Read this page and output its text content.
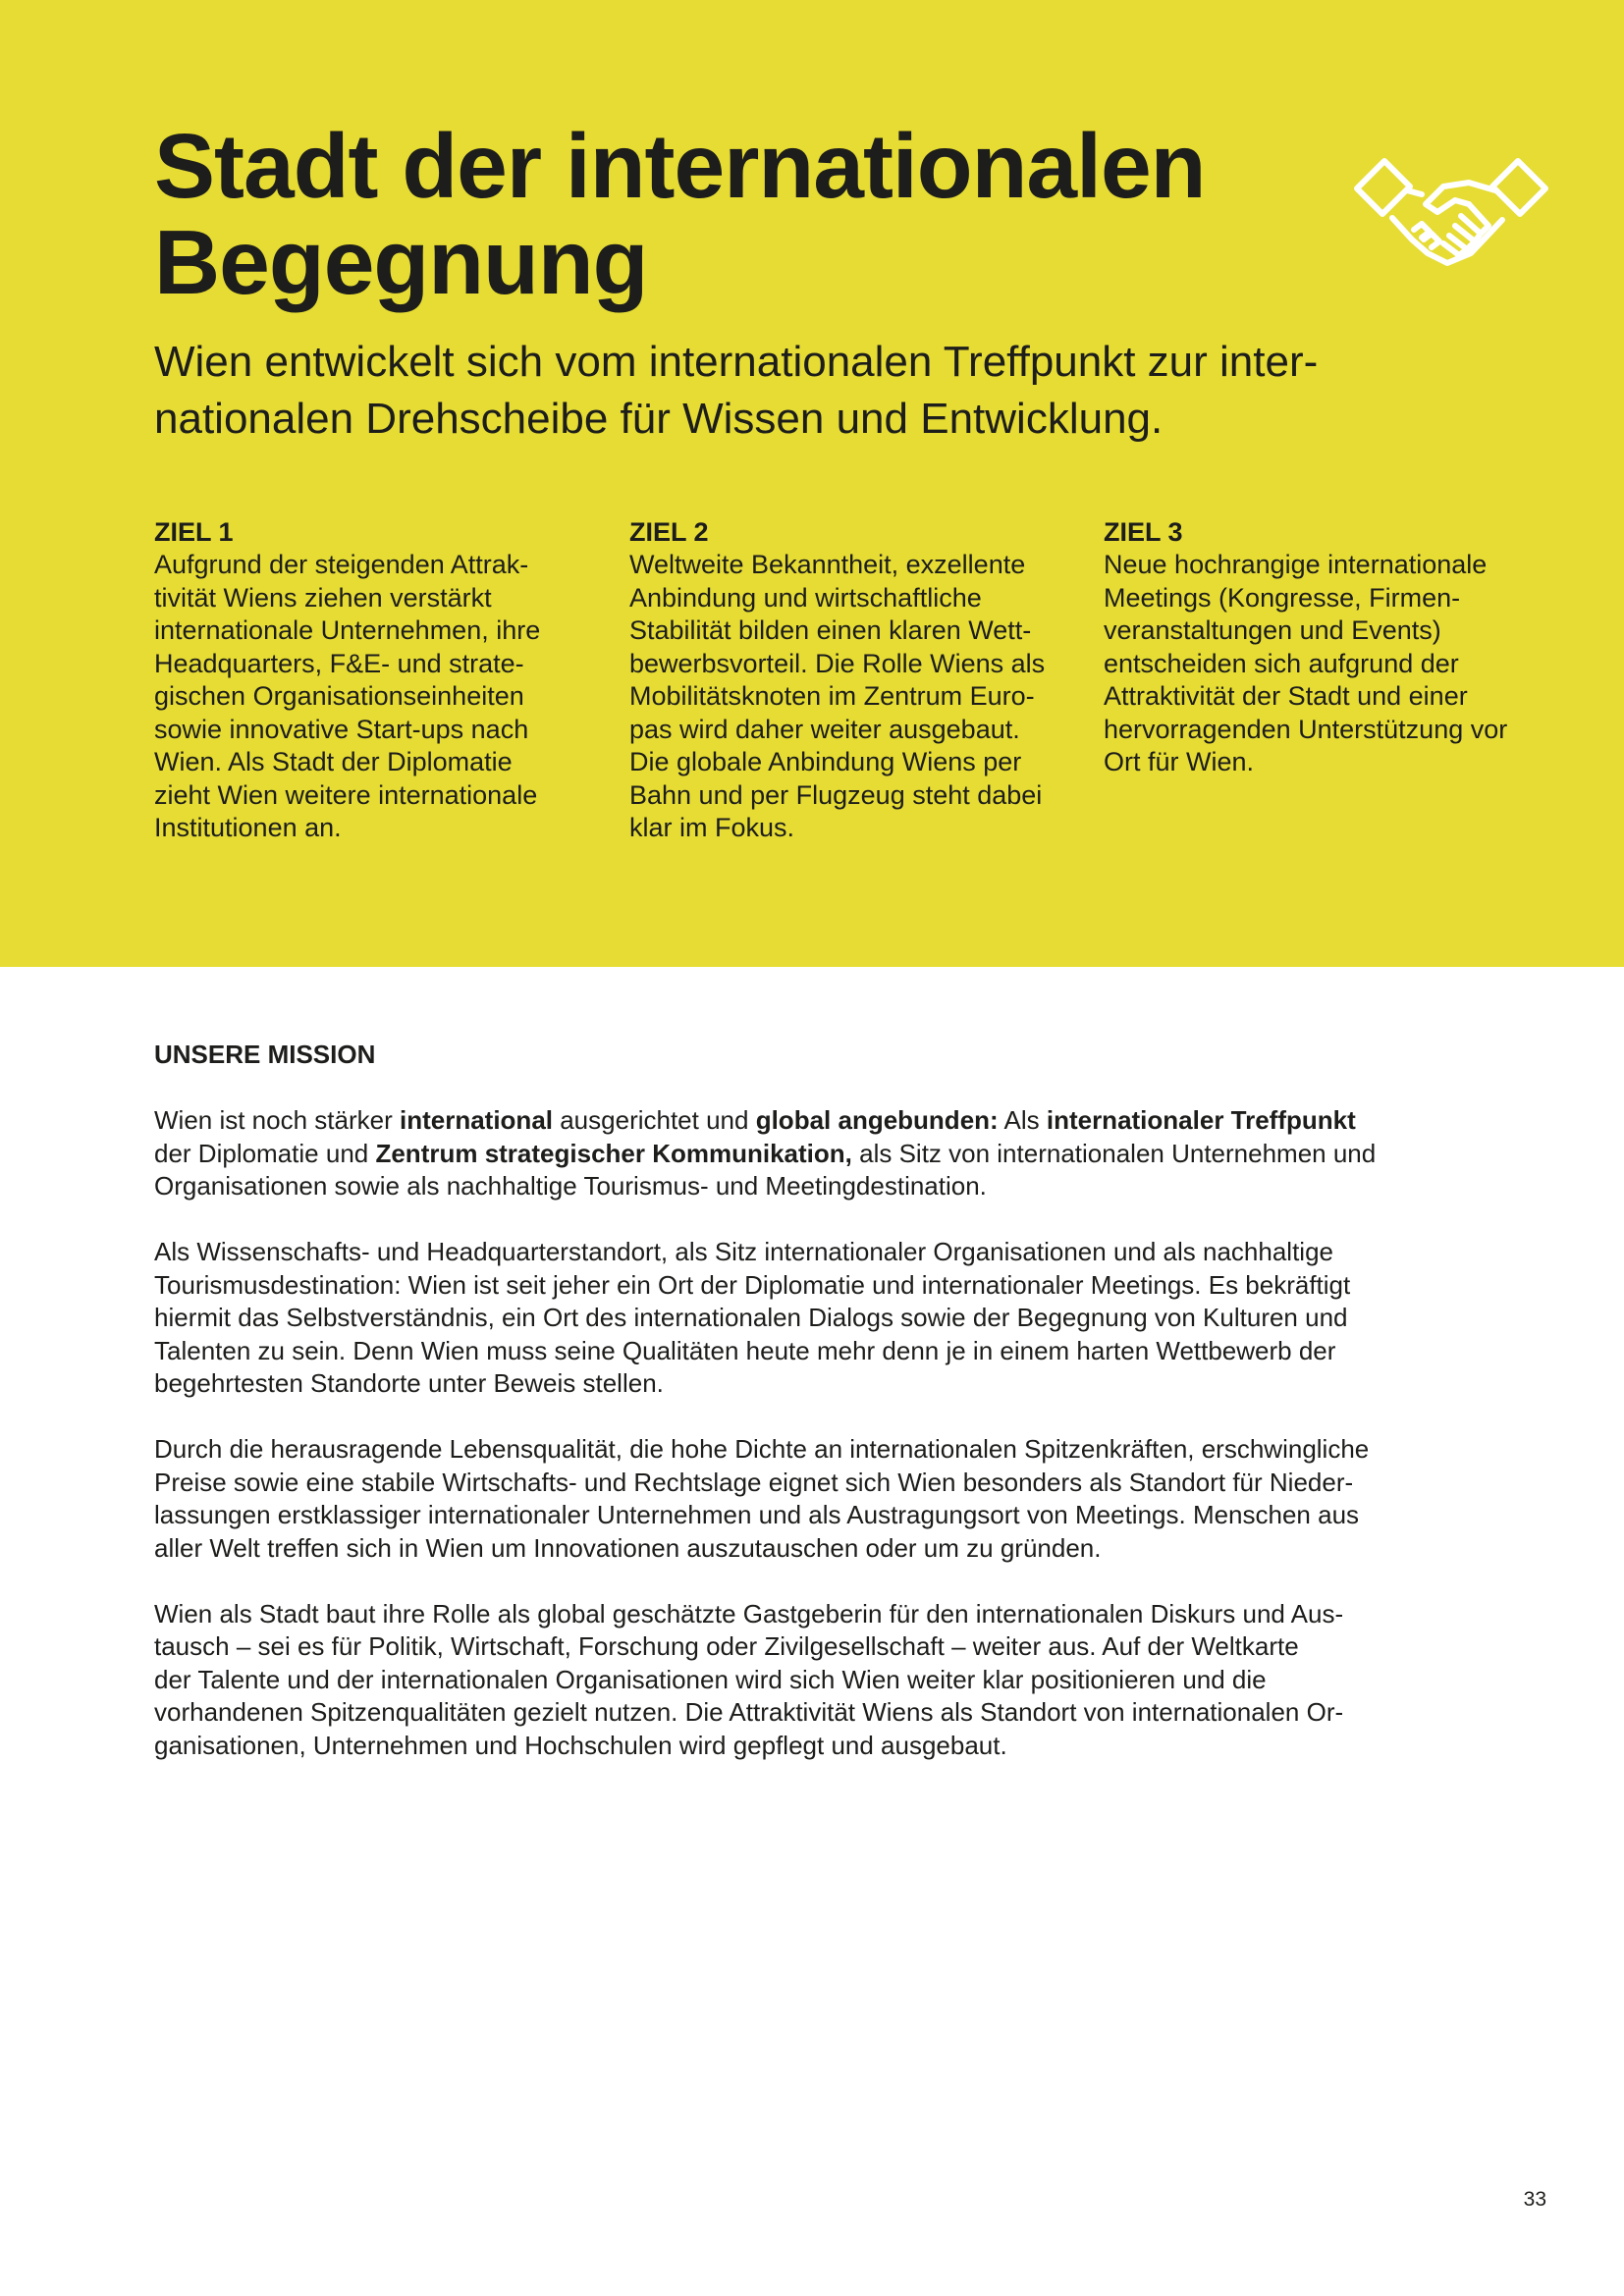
Stadt der internationalen
Begegnung
Wien entwickelt sich vom internationalen Treffpunkt zur inter-
nationalen Drehscheibe für Wissen und Entwicklung.

ZIEL 1

Aufgrund der steigenden Attrak-
tivität Wiens ziehen verstärkt
internationale Unternehmen, ihre
Headquarters, F&E- und strate-
gischen Organisationseinheiten
sowie innovative Start-ups nach
Wien. Als Stadt der Diplomatie
zieht Wien weitere internationale
Institutionen an.

ZIEL 2

Weltweite Bekanntheit, exzellente
Anbindung und wirtschaftliche
Stabilität bilden einen klaren Wett-
bewerbsvorteil. Die Rolle Wiens als
Mobilitätsknoten im Zentrum Euro-
pas wird daher weiter ausgebaut.
Die globale Anbindung Wiens per
Bahn und per Flugzeug steht dabei
klar im Fokus.

ZIEL 3

Neue hochrangige internationale
Meetings (Kongresse, Firmen-
veranstaltungen und Events)
entscheiden sich aufgrund der
Attraktivität der Stadt und einer
hervorragenden Unterstützung vor
Ort für Wien.

UNSERE MISSION

Wien ist noch stärker international ausgerichtet und global angebunden: Als internationaler Treffpunkt
der Diplomatie und Zentrum strategischer Kommunikation, als Sitz von internationalen Unternehmen und
Organisationen sowie als nachhaltige Tourismus- und Meetingdestination.

Als Wissenschafts- und Headquarterstandort, als Sitz internationaler Organisationen und als nachhaltige
Tourismusdestination: Wien ist seit jeher ein Ort der Diplomatie und internationaler Meetings. Es bekräftigt
hiermit das Selbstverständnis, ein Ort des internationalen Dialogs sowie der Begegnung von Kulturen und
Talenten zu sein. Denn Wien muss seine Qualitäten heute mehr denn je in einem harten Wettbewerb der
begehrtesten Standorte unter Beweis stellen.

Durch die herausragende Lebensqualität, die hohe Dichte an internationalen Spitzenkräften, erschwingliche
Preise sowie eine stabile Wirtschafts- und Rechtslage eignet sich Wien besonders als Standort für Nieder-
lassungen erstklassiger internationaler Unternehmen und als Austragungsort von Meetings. Menschen aus
aller Welt treffen sich in Wien um Innovationen auszutauschen oder um zu gründen.

Wien als Stadt baut ihre Rolle als global geschätzte Gastgeberin für den internationalen Diskurs und Aus-
tausch – sei es für Politik, Wirtschaft, Forschung oder Zivilgesellschaft – weiter aus. Auf der Weltkarte
der Talente und der internationalen Organisationen wird sich Wien weiter klar positionieren und die
vorhandenen Spitzenqualitäten gezielt nutzen. Die Attraktivität Wiens als Standort von internationalen Or-
ganisationen, Unternehmen und Hochschulen wird gepflegt und ausgebaut.

33
